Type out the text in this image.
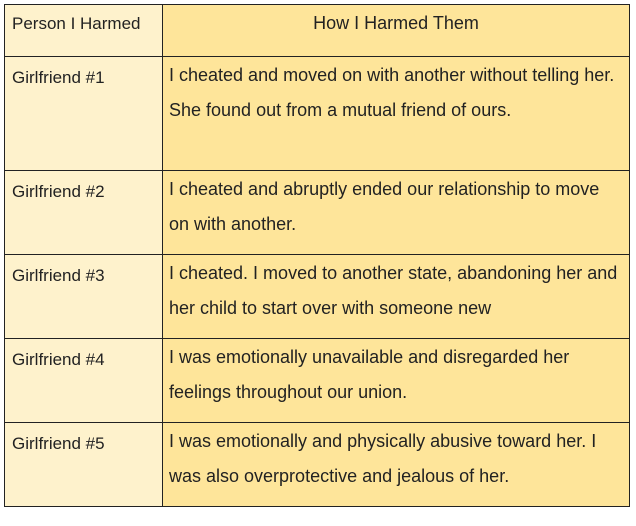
Person I Harmed	How I Harmed Them
Girlfriend #1	I cheated and moved on with another without telling her. She found out from a mutual friend of ours.
Girlfriend #2	I cheated and abruptly ended our relationship to move on with another.
Girlfriend #3	I cheated. I moved to another state, abandoning her and her child to start over with someone new
Girlfriend #4	I was emotionally unavailable and disregarded her feelings throughout our union.
Girlfriend #5	I was emotionally and physically abusive toward her. I was also overprotective and jealous of her.
